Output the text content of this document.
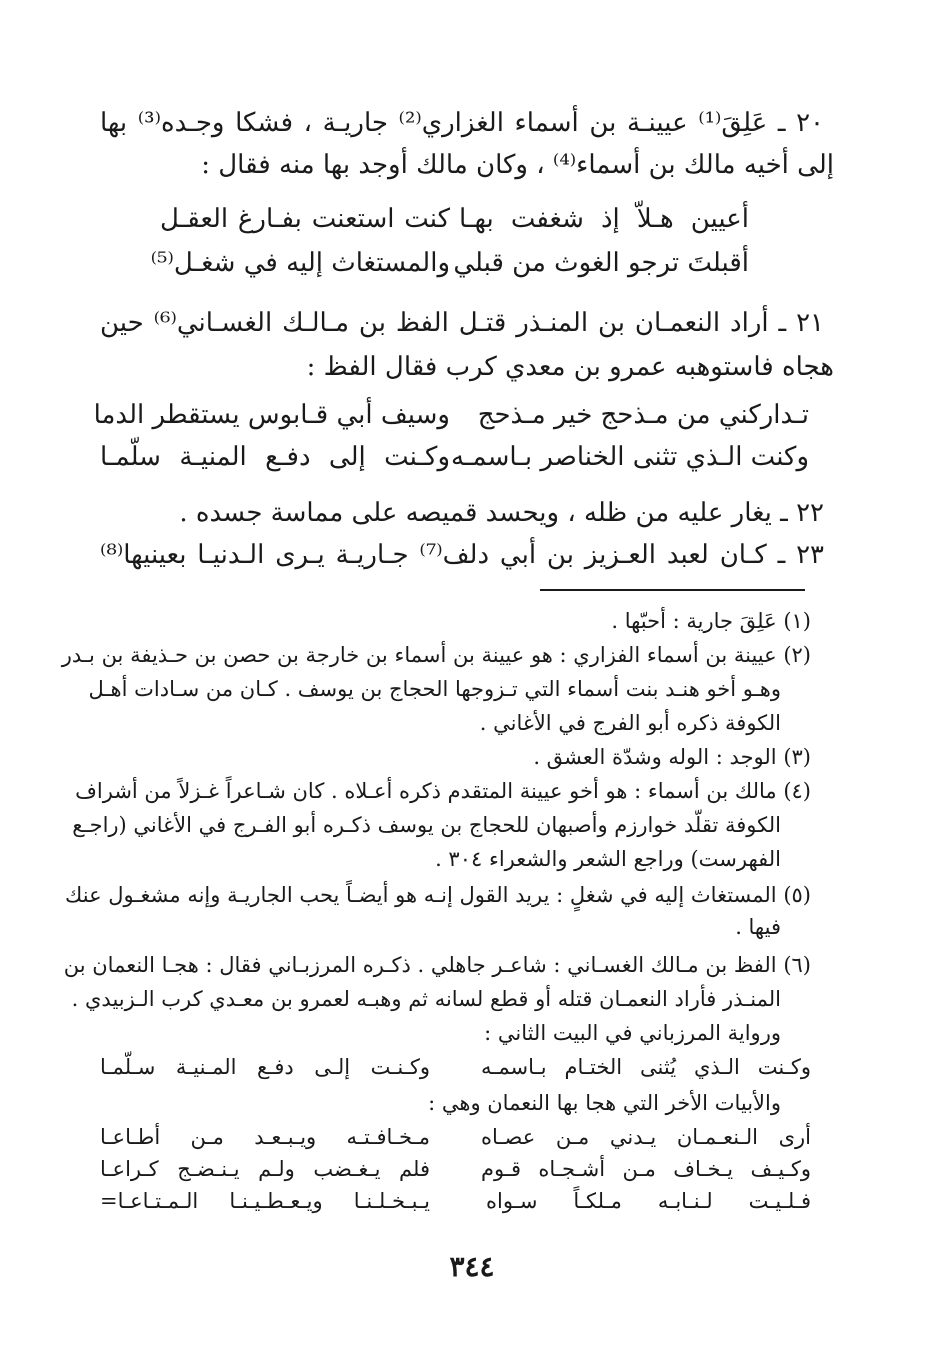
٢٠ ـ عَلِقَ⁽¹⁾ عيينـة بن أسماء الغزاري⁽²⁾ جاريـة ، فشكا وجـده⁽³⁾ بها
إلى أخيه مالك بن أسماء⁽⁴⁾ ، وكان مالك أوجد بها منه فقال :
أعيين هـلاّ إذ شغفت بهـا
كنت استعنت بفـارغ العقـل
أقبلتَ ترجو الغوث من قبلي
والمستغاث إليه في شغـل⁽⁵⁾
٢١ ـ أراد النعمـان بن المنـذر قتـل الفظ بن مـالـك الغسـاني⁽⁶⁾ حين
هجاه فاستوهبه عمرو بن معدي كرب فقال الفظ :
تـداركني من مـذحج خير مـذحج
وسيف أبي قـابوس يستقطر الدما
وكنت الـذي تثنى الخناصر بـاسمـه
وكـنت إلى دفـع المنيـة سلّمـا
٢٢ ـ يغار عليه من ظله ، ويحسد قميصه على مماسة جسده .
٢٣ ـ كـان لعبد العـزيز بن أبي دلف⁽⁷⁾ جـاريـة يـرى الـدنيـا بعينيها⁽⁸⁾
(١) عَلِقَ جارية : أحبّها .
(٢) عيينة بن أسماء الفزاري : هو عيينة بن أسماء بن خارجة بن حصن بن حـذيفة بن بـدر
وهـو أخو هنـد بنت أسماء التي تـزوجها الحجاج بن يوسف . كـان من سـادات أهـل
الكوفة ذكره أبو الفرج في الأغاني .
(٣) الوجد : الوله وشدّة العشق .
(٤) مالك بن أسماء : هو أخو عيينة المتقدم ذكره أعـلاه . كان شـاعراً غـزلاً من أشراف
الكوفة تقلّد خوارزم وأصبهان للحجاج بن يوسف ذكـره أبو الفـرج في الأغاني (راجـع
الفهرست) وراجع الشعر والشعراء ٣٠٤ .
(٥) المستغاث إليه في شغلٍ : يريد القول إنـه هو أيضـاً يحب الجاريـة وإنه مشغـول عنك
فيها .
(٦) الفظ بن مـالك الغسـاني : شاعـر جاهلي . ذكـره المرزبـاني فقال : هجـا النعمان بن
المنـذر فأراد النعمـان قتله أو قطع لسانه ثم وهبـه لعمرو بن معـدي كرب الـزبيدي .
ورواية المرزباني في البيت الثاني :
وكـنت الـذي يُثنى الختـام بـاسمـه
وكـنـت إلـى دفـع المـنيـة سـلّمـا
والأبيات الأخر التي هجا بها النعمان وهي :
أرى الـنعـمـان يـدني مـن عصـاه
مـخـافـتـه ويـبـعـد مـن أطـاعـا
وكـيـف يـخـاف مـن أشـجـاه قـوم
فلم يـغـضب ولـم يـنـضـج كـراعـا
فـلـيـت لـنـابـه مـلكـاً سـواه
يـبـخـلـنـا ويـعـطـيـنـا الـمـتـاعـا=
٣٤٤
